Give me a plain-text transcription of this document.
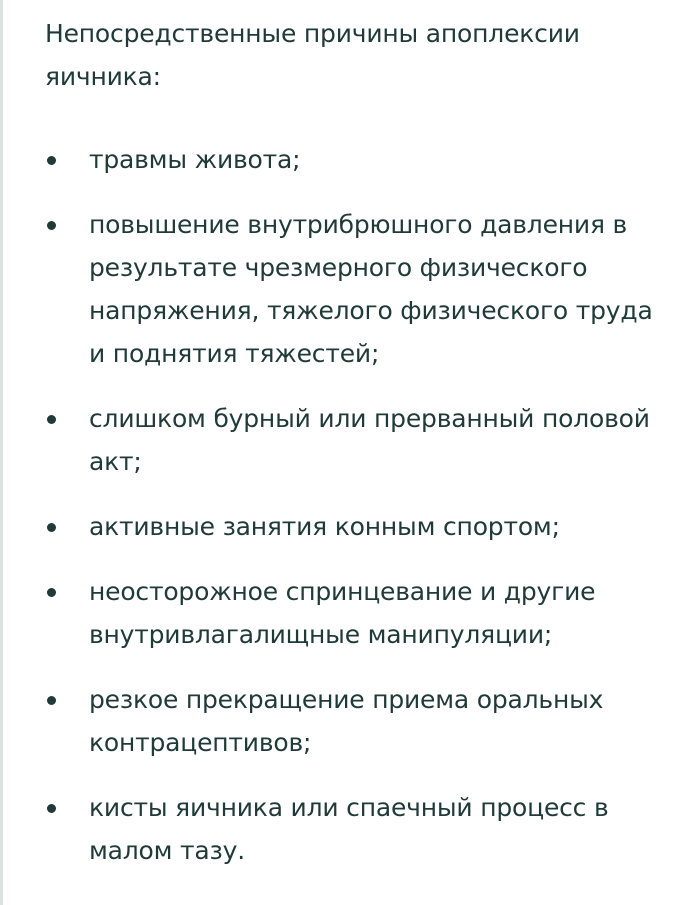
Непосредственные причины апоплексии яичника:

травмы живота;
повышение внутрибрюшного давления в результате чрезмерного физического напряжения, тяжелого физического труда и поднятия тяжестей;
слишком бурный или прерванный половой акт;
активные занятия конным спортом;
неосторожное спринцевание и другие внутривлагалищные манипуляции;
резкое прекращение приема оральных контрацептивов;
кисты яичника или спаечный процесс в малом тазу.
